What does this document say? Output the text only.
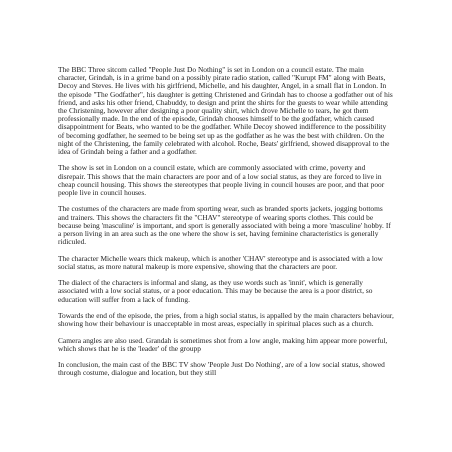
The BBC Three sitcom called "People Just Do Nothing" is set in London on a council estate. The main character, Grindah, is in a grime band on a possibly pirate radio station, called "Kurupt FM" along with Beats, Decoy and Steves. He lives with his girlfriend, Michelle, and his daughter, Angel, in a small flat in London. In the episode "The Godfather", his daughter is getting Christened and Grindah has to choose a godfather out of his friend, and asks his other friend, Chabuddy, to design and print the shirts for the guests to wear while attending the Christening, however after designing a poor quality shirt, which drove Michelle to tears, he got them professionally made. In the end of the episode, Grindah chooses himself to be the godfather, which caused disappointment for Beats, who wanted to be the godfather. While Decoy showed indifference to the possibility of becoming godfather, he seemed to be being set up as the godfather as he was the best with children. On the night of the Christening, the family celebrated with alcohol. Roche, Beats' girlfriend, showed disapproval to the idea of Grindah being a father and a godfather.

The show is set in London on a council estate, which are commonly associated with crime, poverty and disrepair. This shows that the main characters are poor and of a low social status, as they are forced to live in cheap council housing. This shows the stereotypes that people living in council houses are poor, and that poor people live in council houses.

The costumes of the characters are made from sporting wear, such as branded sports jackets, jogging bottoms and trainers. This shows the characters fit the "CHAV" stereotype of wearing sports clothes. This could be because being 'masculine' is important, and sport is generally associated with being a more 'masculine' hobby. If a person living in an area such as the one where the show is set, having feminine characteristics is generally ridiculed.

The character Michelle wears thick makeup, which is another 'CHAV' stereotype and is associated with a low social status, as more natural makeup is more expensive, showing that the characters are poor.

The dialect of the characters is informal and slang, as they use words such as 'innit', which is generally associated with a low social status, or a poor education. This may be because the area is a poor district, so education will suffer from a lack of funding.

Towards the end of the episode, the pries, from a high social status, is appalled by the main characters behaviour, showing how their behaviour is unacceptable in most areas, especially in spiritual places such as a church.

Camera angles are also used. Grandah is sometimes shot from a low angle, making him appear more powerful, which shows that he is the 'leader' of the groupp

In conclusion, the main cast of the BBC TV show 'People Just Do Nothing', are of a low social status, showed through costume, dialogue and location, but they still
